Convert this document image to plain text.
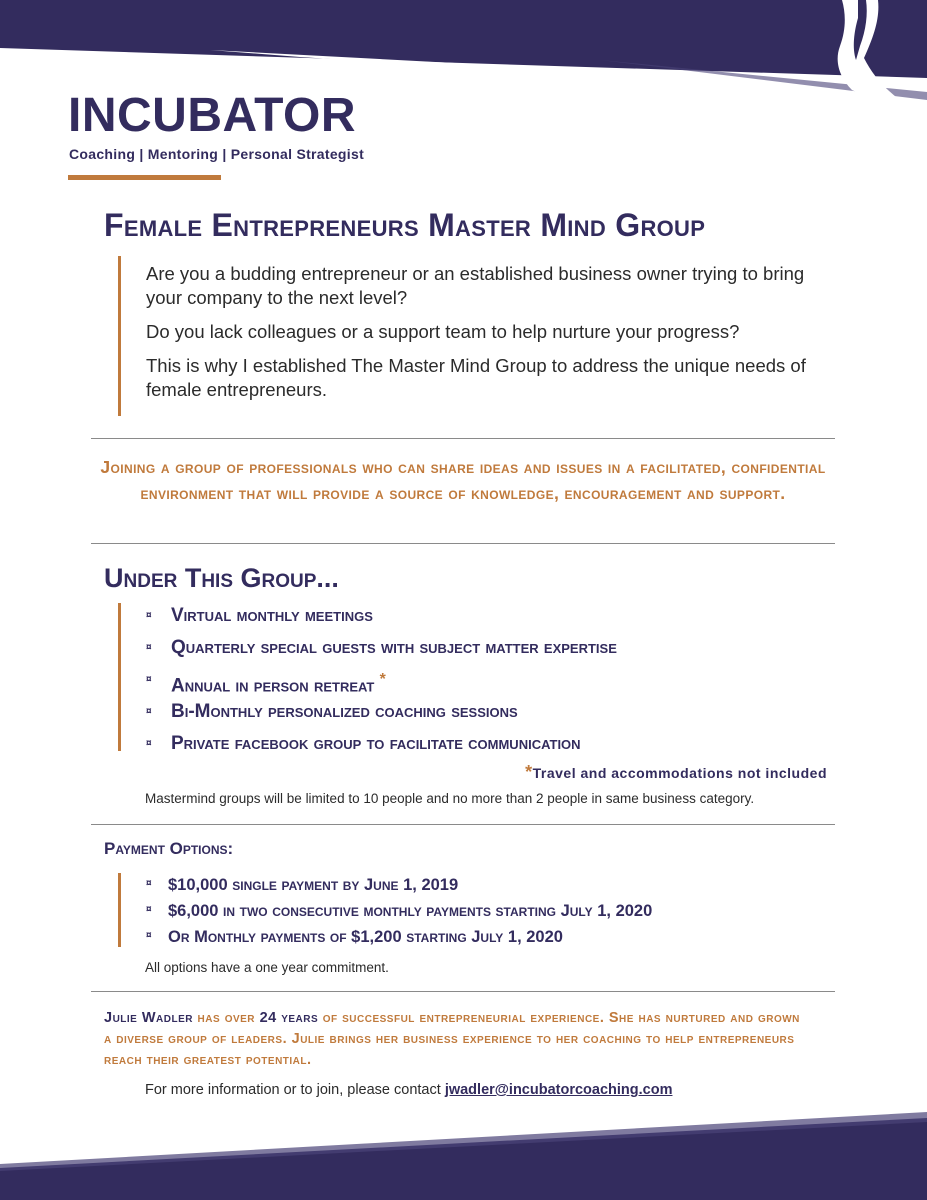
INCUBATOR
Coaching | Mentoring | Personal Strategist
Female Entrepreneurs Master Mind Group

Are you a budding entrepreneur or an established business owner trying to bring your company to the next level?

Do you lack colleagues or a support team to help nurture your progress?

This is why I established The Master Mind Group to address the unique needs of female entrepreneurs.

Joining a group of professionals who can share ideas and issues in a facilitated, confidential environment that will provide a source of knowledge, encouragement and support.
Under This Group...
¤ Virtual monthly meetings
¤ Quarterly special guests with subject matter expertise
¤ Annual in person retreat *
¤ Bi-Monthly personalized coaching sessions
¤ Private facebook group to facilitate communication
*Travel and accommodations not included
Mastermind groups will be limited to 10 people and no more than 2 people in same business category.
Payment Options:
¤ $10,000 single payment by June 1, 2019
¤ $6,000 in two consecutive monthly payments starting July 1, 2020
¤ Or Monthly payments of $1,200 starting July 1, 2020
All options have a one year commitment.
Julie Wadler has over 24 years of successful entrepreneurial experience. She has nurtured and grown a diverse group of leaders. Julie brings her business experience to her coaching to help entrepreneurs reach their greatest potential.
For more information or to join, please contact jwadler@incubatorcoaching.com
